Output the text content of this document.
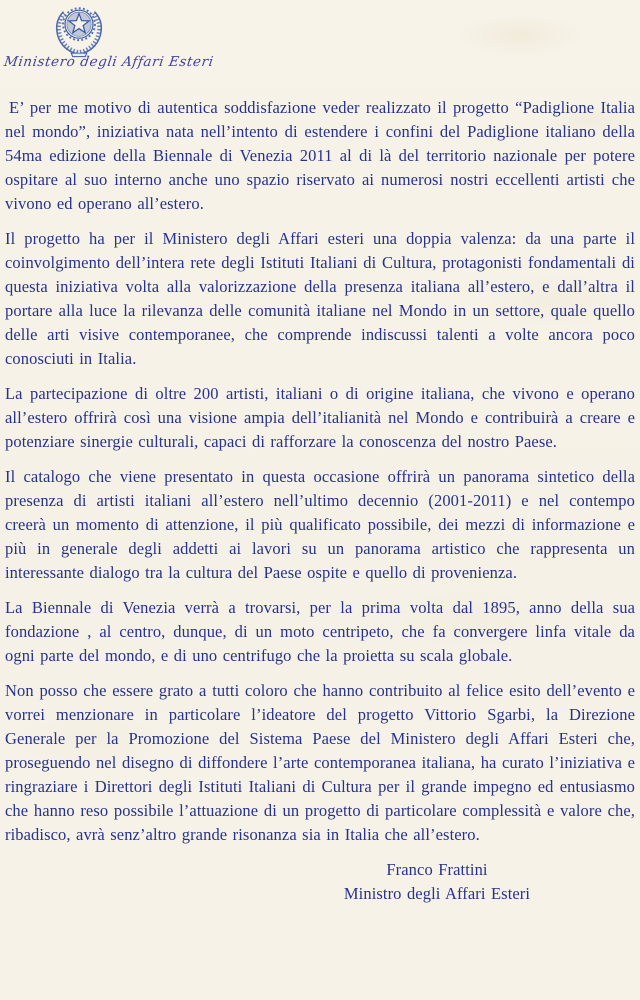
Ministero degli Affari Esteri

E’ per me motivo di autentica soddisfazione veder realizzato il progetto “Padiglione Italia nel mondo”, iniziativa nata nell’intento di estendere i confini del Padiglione italiano della 54ma edizione della Biennale di Venezia 2011 al di là del territorio nazionale per potere ospitare al suo interno anche uno spazio riservato ai numerosi nostri eccellenti artisti che vivono ed operano all’estero.

Il progetto ha per il Ministero degli Affari esteri una doppia valenza: da una parte il coinvolgimento dell’intera rete degli Istituti Italiani di Cultura, protagonisti fondamentali di questa iniziativa volta alla valorizzazione della presenza italiana all’estero, e dall’altra il portare alla luce la rilevanza delle comunità italiane nel Mondo in un settore, quale quello delle arti visive contemporanee, che comprende indiscussi talenti a volte ancora poco conosciuti in Italia.

La partecipazione di oltre 200 artisti, italiani o di origine italiana, che vivono e operano all’estero offrirà così una visione ampia dell’italianità nel Mondo e contribuirà a creare e potenziare sinergie culturali, capaci di rafforzare la conoscenza del nostro Paese.

Il catalogo che viene presentato in questa occasione offrirà un panorama sintetico della presenza di artisti italiani all’estero nell’ultimo decennio (2001-2011) e nel contempo creerà un momento di attenzione, il più qualificato possibile, dei mezzi di informazione e più in generale degli addetti ai lavori su un panorama artistico che rappresenta un interessante dialogo tra la cultura del Paese ospite e quello di provenienza.

La Biennale di Venezia verrà a trovarsi, per la prima volta dal 1895, anno della sua fondazione , al centro, dunque, di un moto centripeto, che fa convergere linfa vitale da ogni parte del mondo, e di uno centrifugo che la proietta su scala globale.

Non posso che essere grato a tutti coloro che hanno contribuito al felice esito dell’evento e vorrei menzionare in particolare l’ideatore del progetto Vittorio Sgarbi, la Direzione Generale per la Promozione del Sistema Paese del Ministero degli Affari Esteri che, proseguendo nel disegno di diffondere l’arte contemporanea italiana, ha curato l’iniziativa e ringraziare i Direttori degli Istituti Italiani di Cultura per il grande impegno ed entusiasmo che hanno reso possibile l’attuazione di un progetto di particolare complessità e valore che, ribadisco, avrà senz’altro grande risonanza sia in Italia che all’estero.

Franco Frattini
Ministro degli Affari Esteri
